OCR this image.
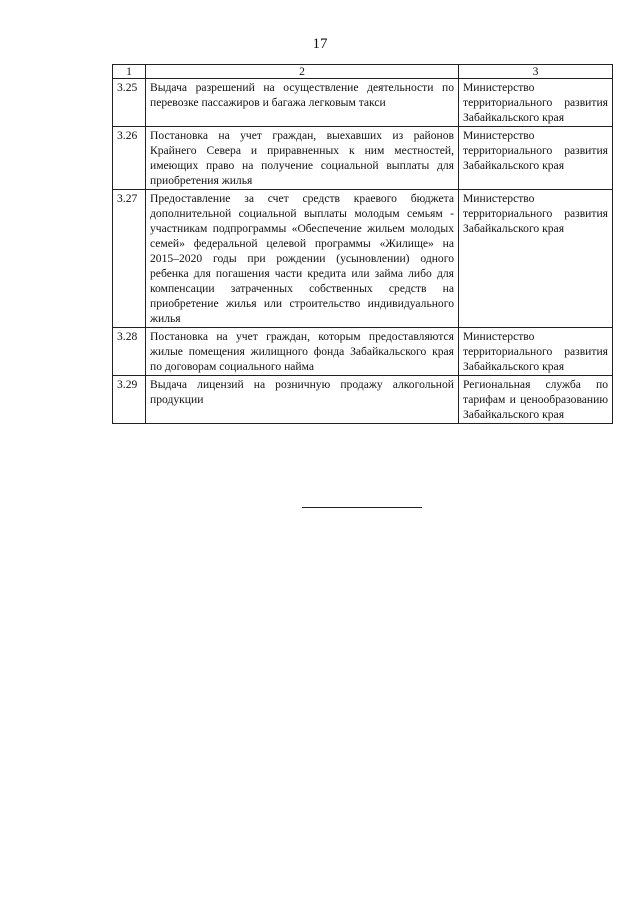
17
1	2	3
3.25	Выдача разрешений на осуществление деятельности по перевозке пассажиров и багажа легковым такси	Министерство территориального развития Забайкальского края
3.26	Постановка на учет граждан, выехавших из районов Крайнего Севера и приравненных к ним местностей, имеющих право на получение социальной выплаты для приобретения жилья	Министерство территориального развития Забайкальского края
3.27	Предоставление за счет средств краевого бюджета дополнительной социальной выплаты молодым семьям - участникам подпрограммы «Обеспечение жильем молодых семей» федеральной целевой программы «Жилище» на 2015–2020 годы при рождении (усыновлении) одного ребенка для погашения части кредита или займа либо для компенсации затраченных собственных средств на приобретение жилья или строительство индивидуального жилья	Министерство территориального развития Забайкальского края
3.28	Постановка на учет граждан, которым предоставляются жилые помещения жилищного фонда Забайкальского края по договорам социального найма	Министерство территориального развития Забайкальского края
3.29	Выдача лицензий на розничную продажу алкогольной продукции	Региональная служба по тарифам и ценообразованию Забайкальского края
